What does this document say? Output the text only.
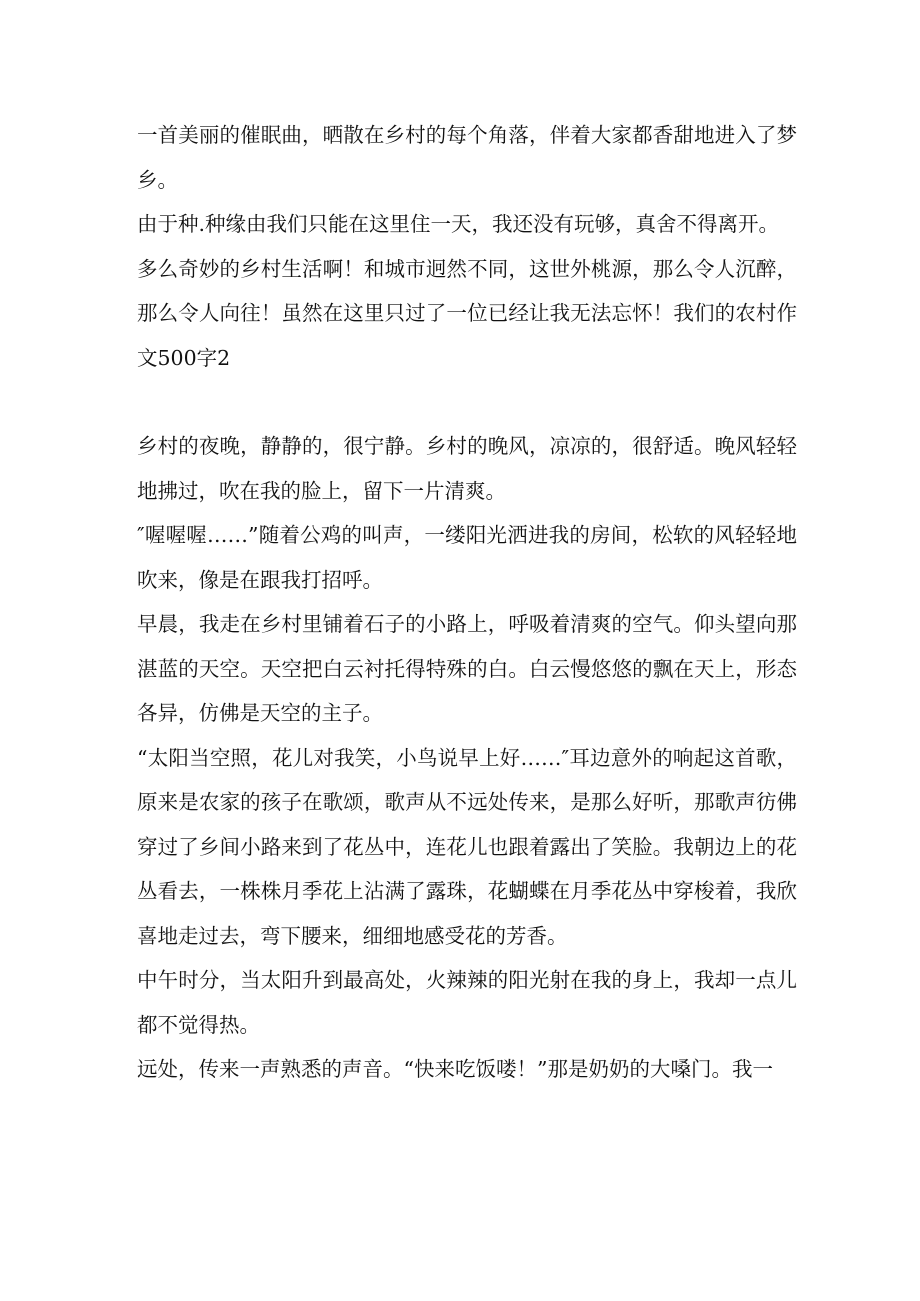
一首美丽的催眠曲，晒散在乡村的每个角落，伴着大家都香甜地进入了梦乡。

由于种.种缘由我们只能在这里住一天，我还没有玩够，真舍不得离开。

多么奇妙的乡村生活啊！和城市迥然不同，这世外桃源，那么令人沉醉，那么令人向往！虽然在这里只过了一位已经让我无法忘怀！我们的农村作文500字2

乡村的夜晚，静静的，很宁静。乡村的晚风，凉凉的，很舒适。晚风轻轻地拂过，吹在我的脸上，留下一片清爽。

″喔喔喔……”随着公鸡的叫声，一缕阳光洒进我的房间，松软的风轻轻地吹来，像是在跟我打招呼。

早晨，我走在乡村里铺着石子的小路上，呼吸着清爽的空气。仰头望向那湛蓝的天空。天空把白云衬托得特殊的白。白云慢悠悠的飘在天上，形态各异，仿佛是天空的主子。

“太阳当空照，花儿对我笑，小鸟说早上好……″耳边意外的响起这首歌，原来是农家的孩子在歌颂，歌声从不远处传来，是那么好听，那歌声彷佛穿过了乡间小路来到了花丛中，连花儿也跟着露出了笑脸。我朝边上的花丛看去，一株株月季花上沾满了露珠，花蝴蝶在月季花丛中穿梭着，我欣喜地走过去，弯下腰来，细细地感受花的芳香。

中午时分，当太阳升到最高处，火辣辣的阳光射在我的身上，我却一点儿都不觉得热。

远处，传来一声熟悉的声音。“快来吃饭喽！”那是奶奶的大嗓门。我一
